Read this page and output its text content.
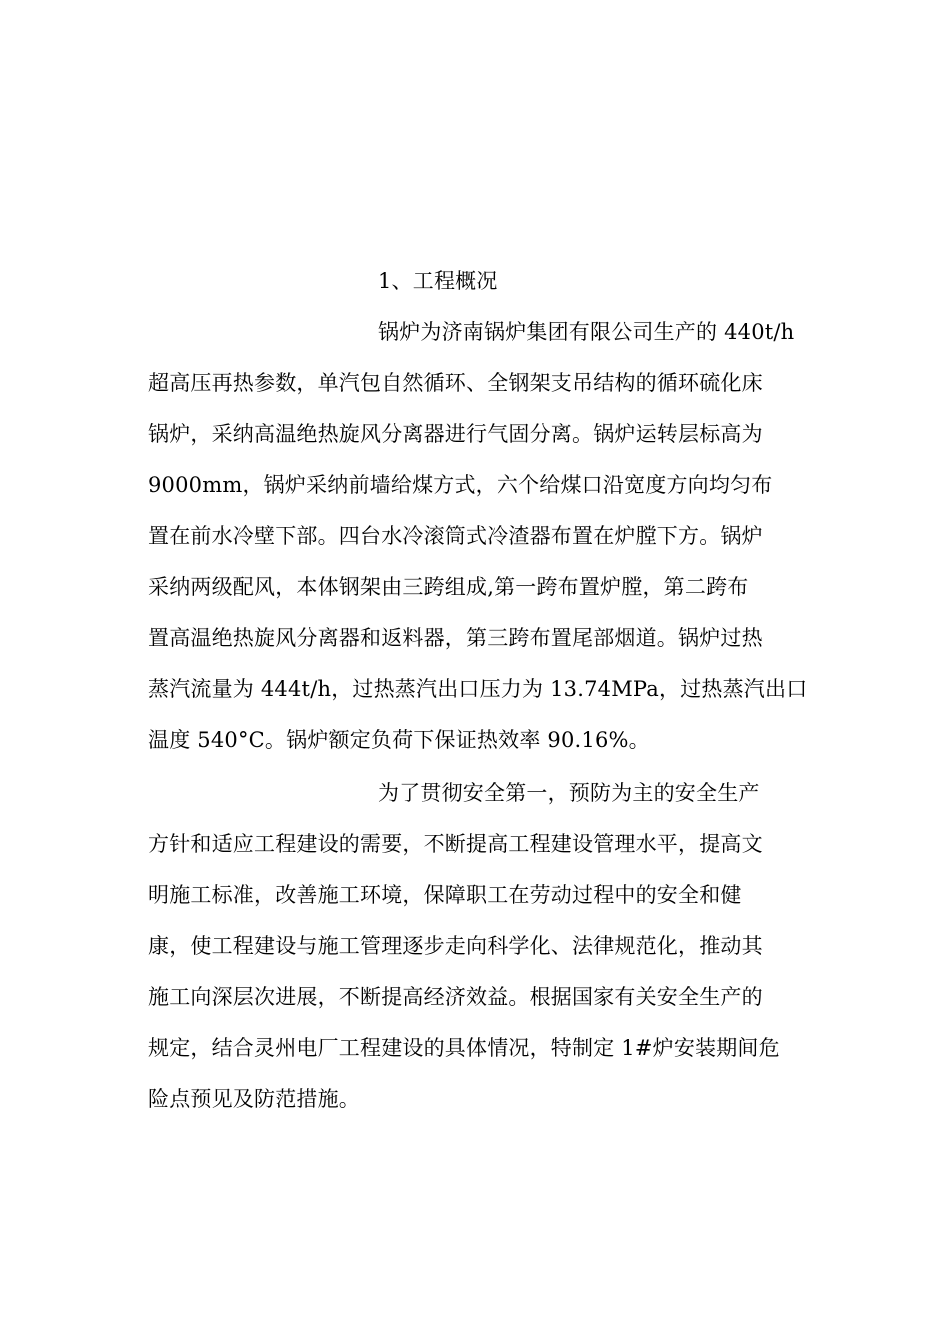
1、工程概况
锅炉为济南锅炉集团有限公司生产的 440t/h
超高压再热参数，单汽包自然循环、全钢架支吊结构的循环硫化床
锅炉，采纳高温绝热旋风分离器进行气固分离。锅炉运转层标高为
9000mm，锅炉采纳前墙给煤方式，六个给煤口沿宽度方向均匀布
置在前水冷壁下部。四台水冷滚筒式冷渣器布置在炉膛下方。锅炉
采纳两级配风，本体钢架由三跨组成,第一跨布置炉膛，第二跨布
置高温绝热旋风分离器和返料器，第三跨布置尾部烟道。锅炉过热
蒸汽流量为 444t/h，过热蒸汽出口压力为 13.74MPa，过热蒸汽出口
温度 540°C。锅炉额定负荷下保证热效率 90.16%。
为了贯彻安全第一，预防为主的安全生产
方针和适应工程建设的需要，不断提高工程建设管理水平，提高文
明施工标准，改善施工环境，保障职工在劳动过程中的安全和健
康，使工程建设与施工管理逐步走向科学化、法律规范化，推动其
施工向深层次进展，不断提高经济效益。根据国家有关安全生产的
规定，结合灵州电厂工程建设的具体情况，特制定 1#炉安装期间危
险点预见及防范措施。
